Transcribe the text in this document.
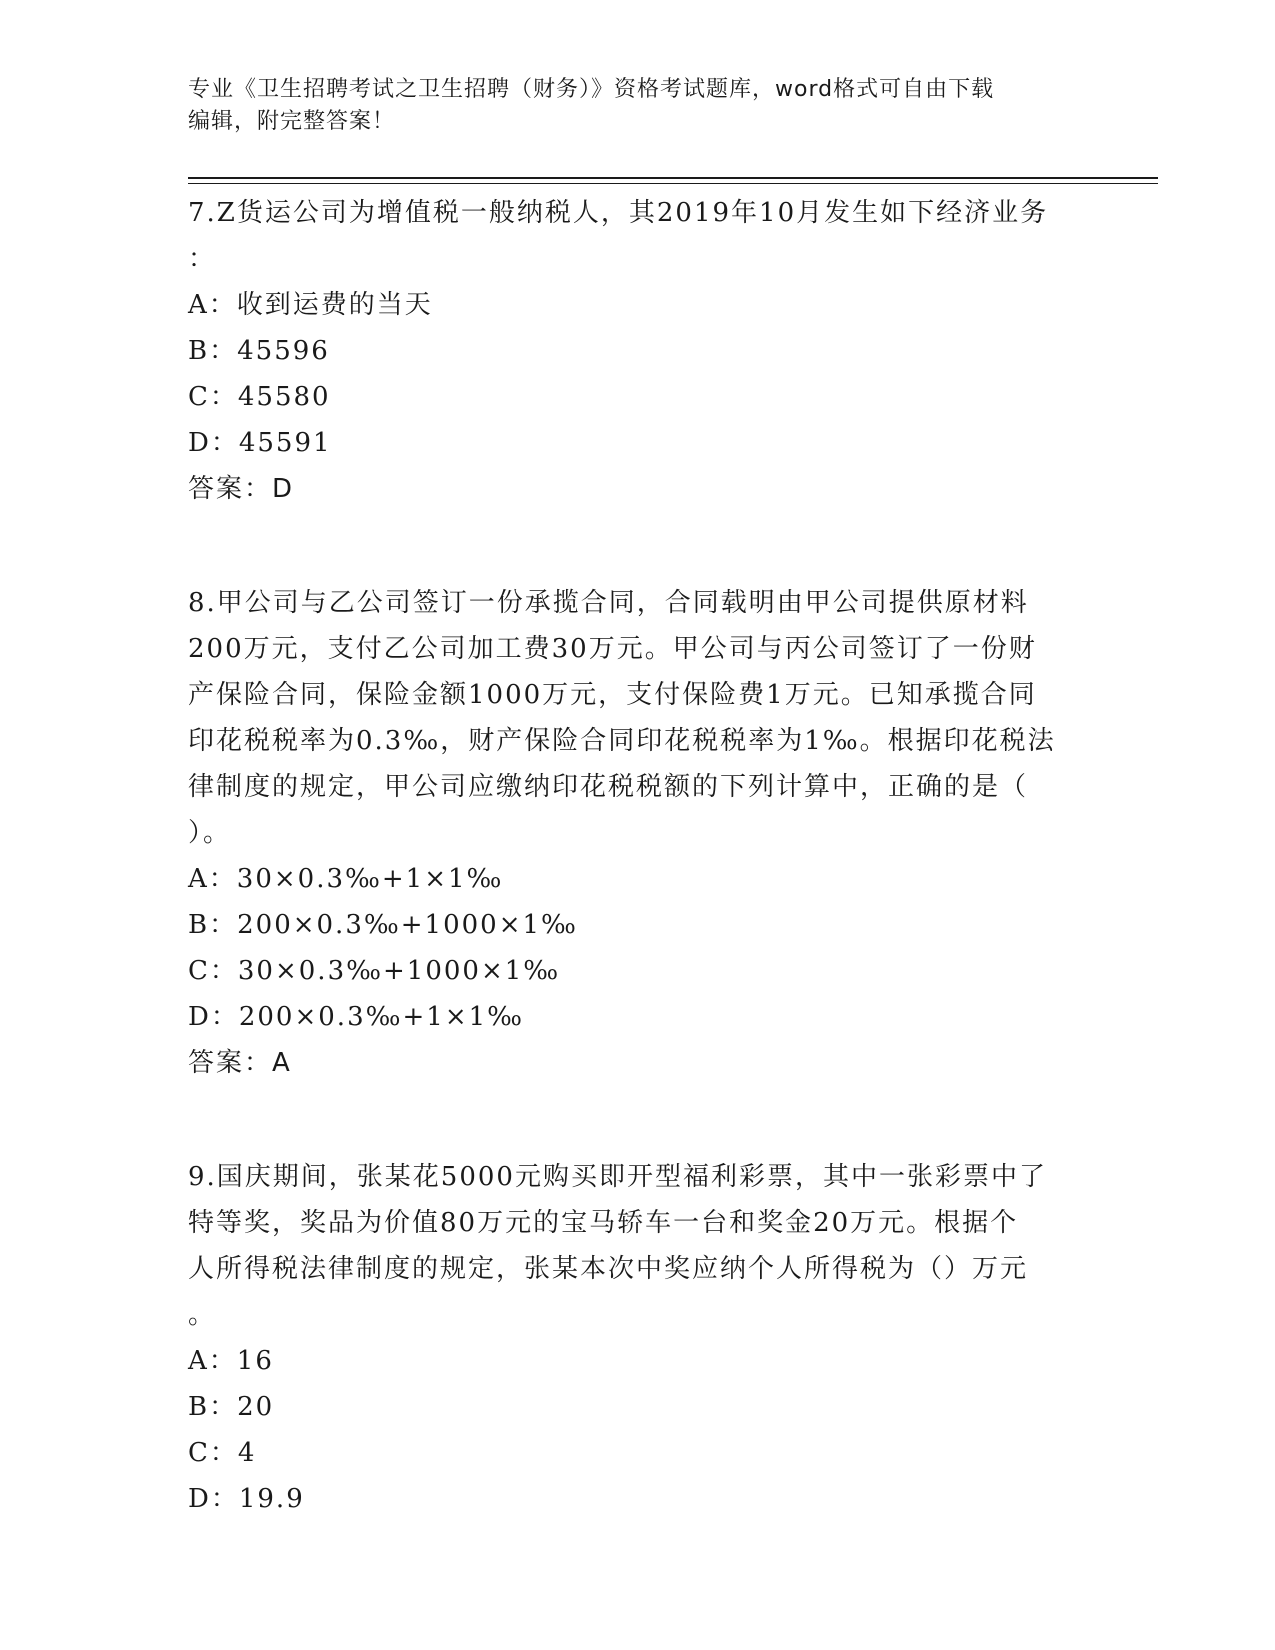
专业《卫生招聘考试之卫生招聘（财务）》资格考试题库，word格式可自由下载
编辑，附完整答案！
7.Z货运公司为增值税一般纳税人，其2019年10月发生如下经济业务
：
A：收到运费的当天
B：45596
C：45580
D：45591
答案：D
8.甲公司与乙公司签订一份承揽合同，合同载明由甲公司提供原材料
200万元，支付乙公司加工费30万元。甲公司与丙公司签订了一份财
产保险合同，保险金额1000万元，支付保险费1万元。已知承揽合同
印花税税率为0.3‰，财产保险合同印花税税率为1‰。根据印花税法
律制度的规定，甲公司应缴纳印花税税额的下列计算中，正确的是（
）。
A：30×0.3‰+1×1‰
B：200×0.3‰+1000×1‰
C：30×0.3‰+1000×1‰
D：200×0.3‰+1×1‰
答案：A
9.国庆期间，张某花5000元购买即开型福利彩票，其中一张彩票中了
特等奖，奖品为价值80万元的宝马轿车一台和奖金20万元。根据个
人所得税法律制度的规定，张某本次中奖应纳个人所得税为（）万元
。
A：16
B：20
C：4
D：19.9
